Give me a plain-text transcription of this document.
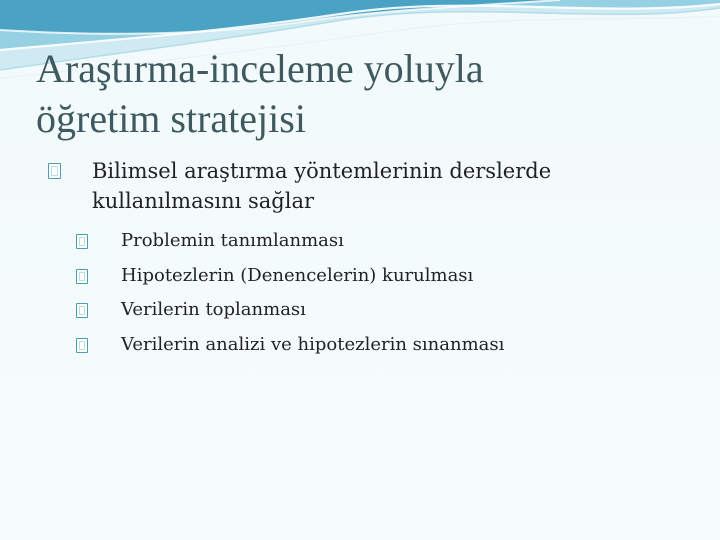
Araştırma-inceleme yoluyla
öğretim stratejisi
Bilimsel araştırma yöntemlerinin derslerde
kullanılmasını sağlar
Problemin tanımlanması
Hipotezlerin (Denencelerin) kurulması
Verilerin toplanması
Verilerin analizi ve hipotezlerin sınanması
